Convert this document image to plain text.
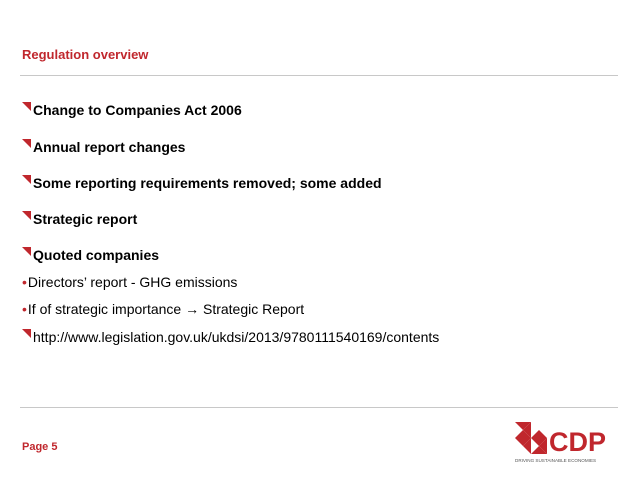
Regulation overview
Change to Companies Act 2006
Annual report changes
Some reporting requirements removed; some added
Strategic report
Quoted companies
•Directors’ report - GHG emissions
•If of strategic importance → Strategic Report
http://www.legislation.gov.uk/ukdsi/2013/9780111540169/contents
Page 5	CDP
DRIVING SUSTAINABLE ECONOMIES
